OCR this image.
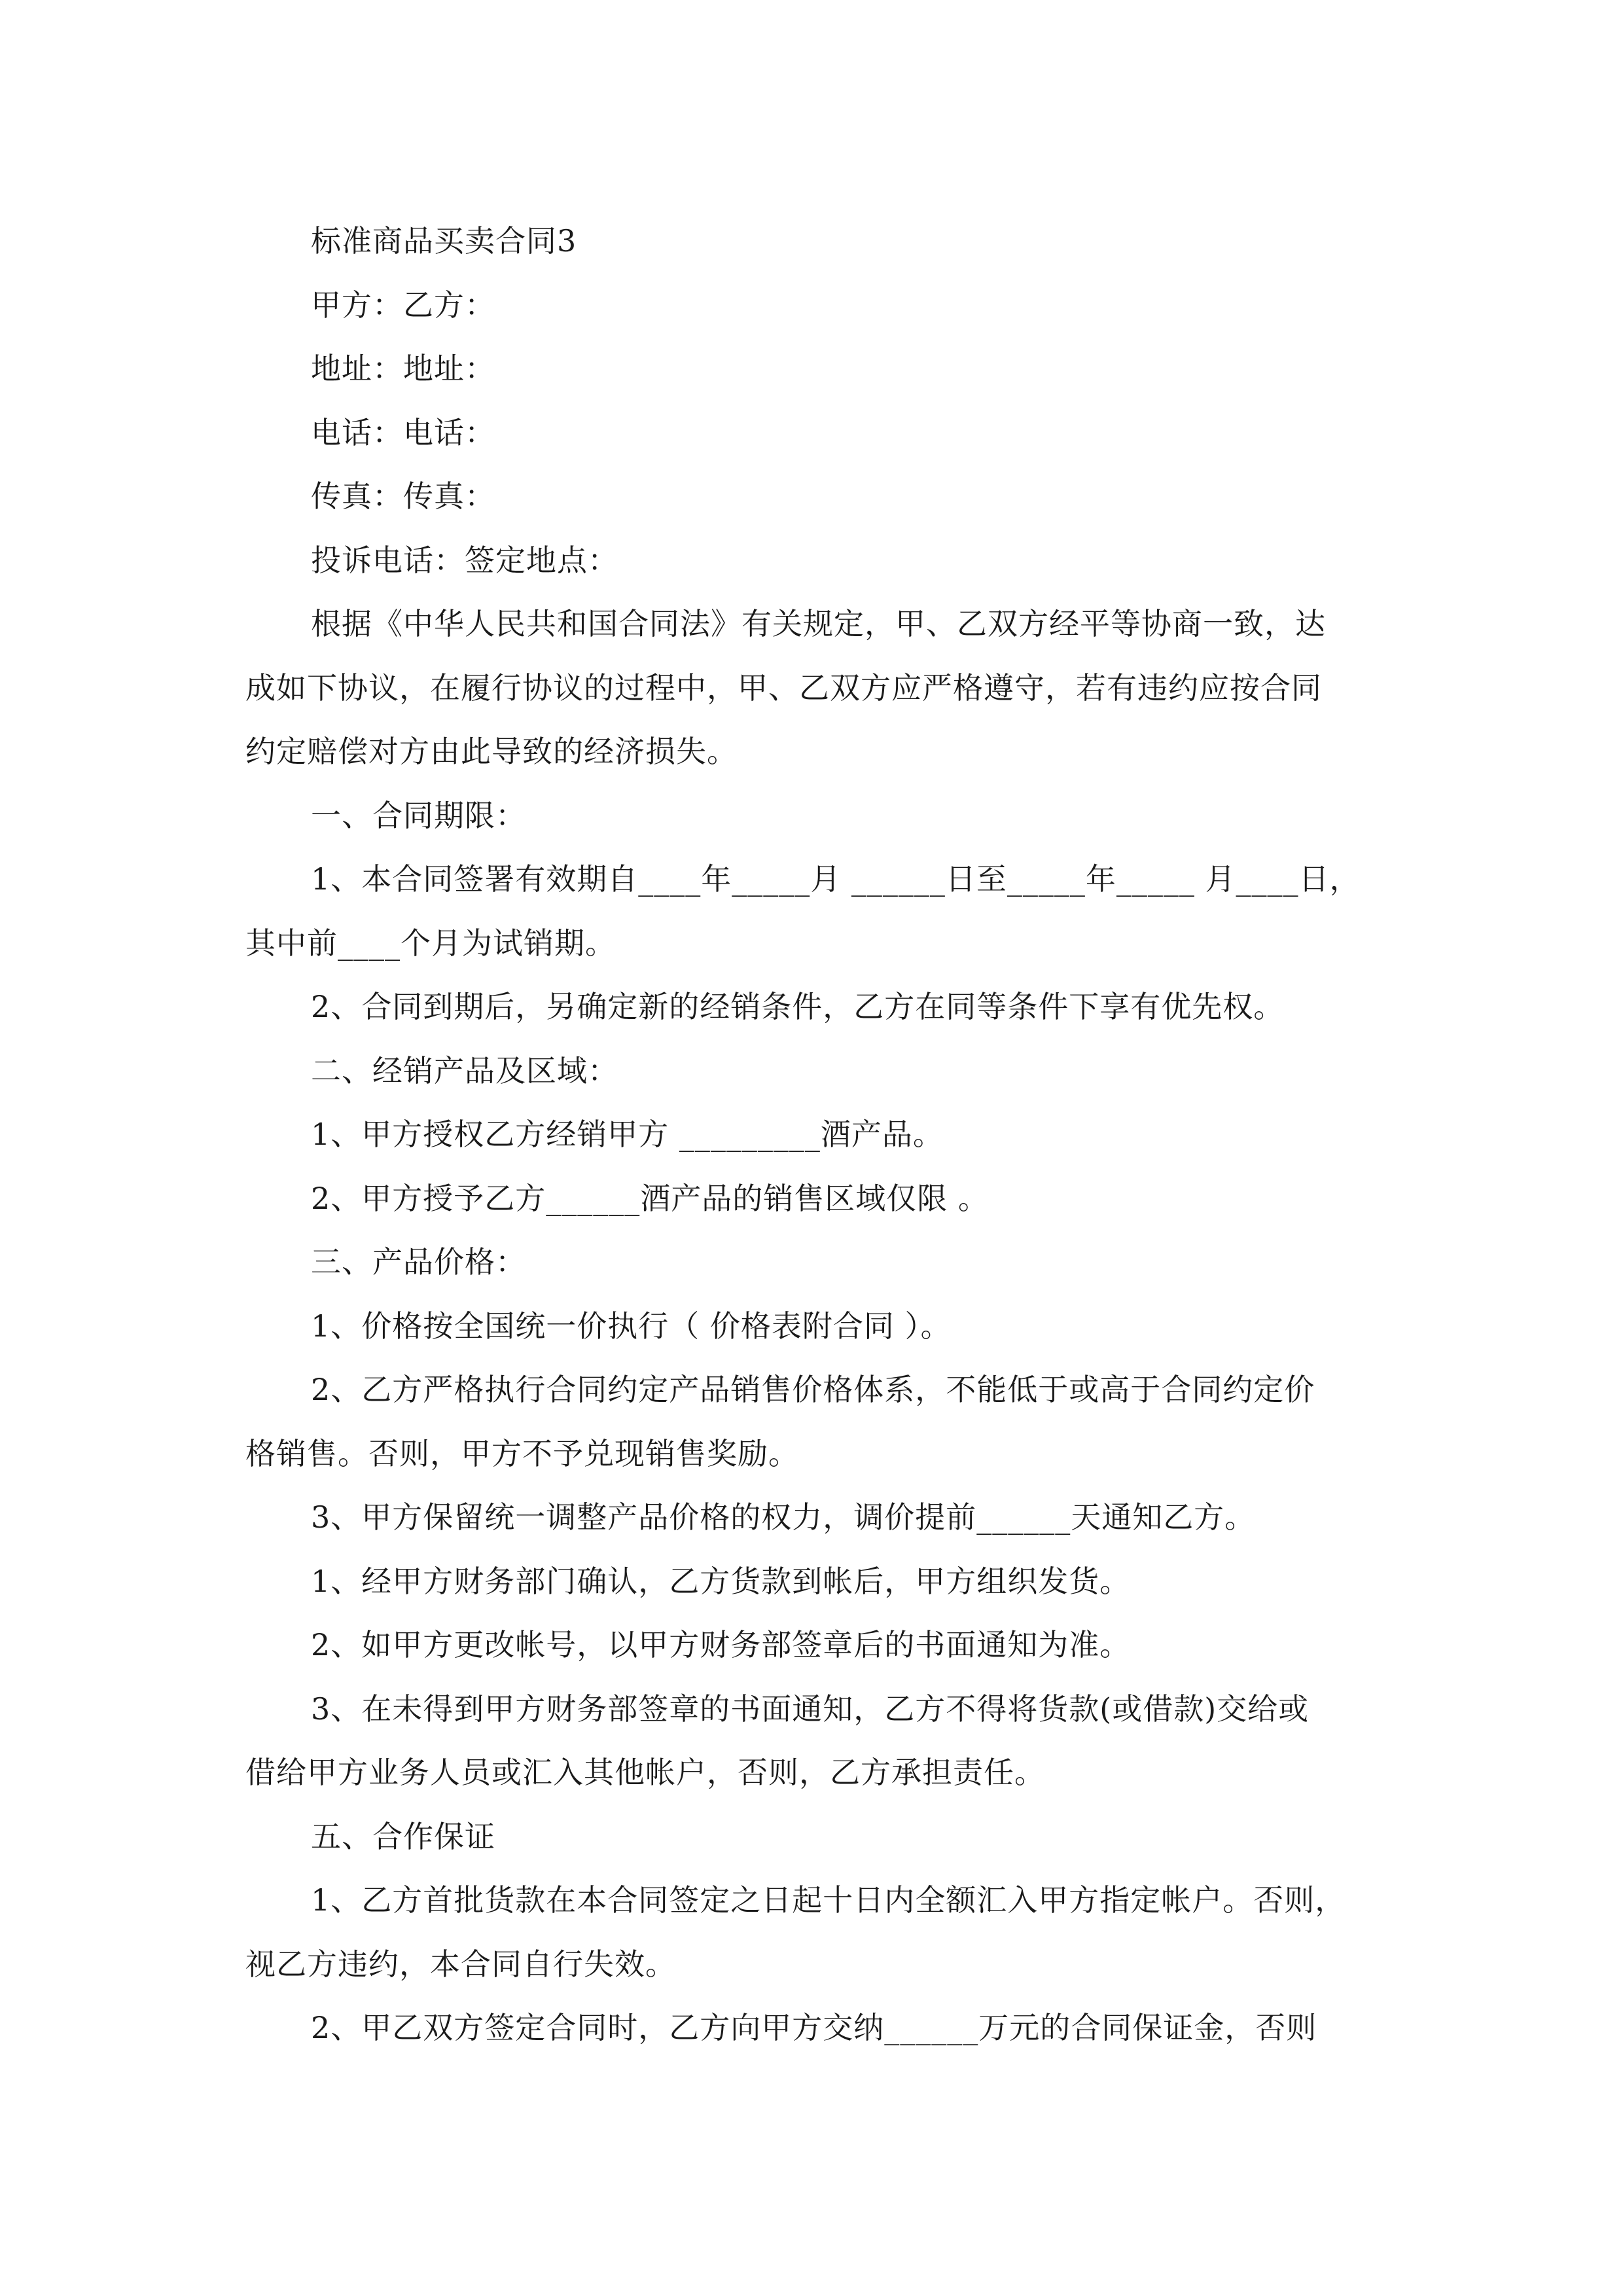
标准商品买卖合同3
甲方：乙方：
地址：地址：
电话：电话：
传真：传真：
投诉电话：签定地点：
根据《中华人民共和国合同法》有关规定，甲、乙双方经平等协商一致，达
成如下协议，在履行协议的过程中，甲、乙双方应严格遵守，若有违约应按合同
约定赔偿对方由此导致的经济损失。
一、合同期限：
1、本合同签署有效期自____年_____月 ______日至_____年_____ 月____日，
其中前____个月为试销期。
2、合同到期后，另确定新的经销条件，乙方在同等条件下享有优先权。
二、经销产品及区域：
1、甲方授权乙方经销甲方 _________酒产品。
2、甲方授予乙方______酒产品的销售区域仅限 。
三、产品价格：
1、价格按全国统一价执行（ 价格表附合同 ）。
2、乙方严格执行合同约定产品销售价格体系，不能低于或高于合同约定价
格销售。否则，甲方不予兑现销售奖励。
3、甲方保留统一调整产品价格的权力，调价提前______天通知乙方。
1、经甲方财务部门确认，乙方货款到帐后，甲方组织发货。
2、如甲方更改帐号，以甲方财务部签章后的书面通知为准。
3、在未得到甲方财务部签章的书面通知，乙方不得将货款(或借款)交给或
借给甲方业务人员或汇入其他帐户，否则，乙方承担责任。
五、合作保证
1、乙方首批货款在本合同签定之日起十日内全额汇入甲方指定帐户。否则，
视乙方违约，本合同自行失效。
2、甲乙双方签定合同时，乙方向甲方交纳______万元的合同保证金，否则
